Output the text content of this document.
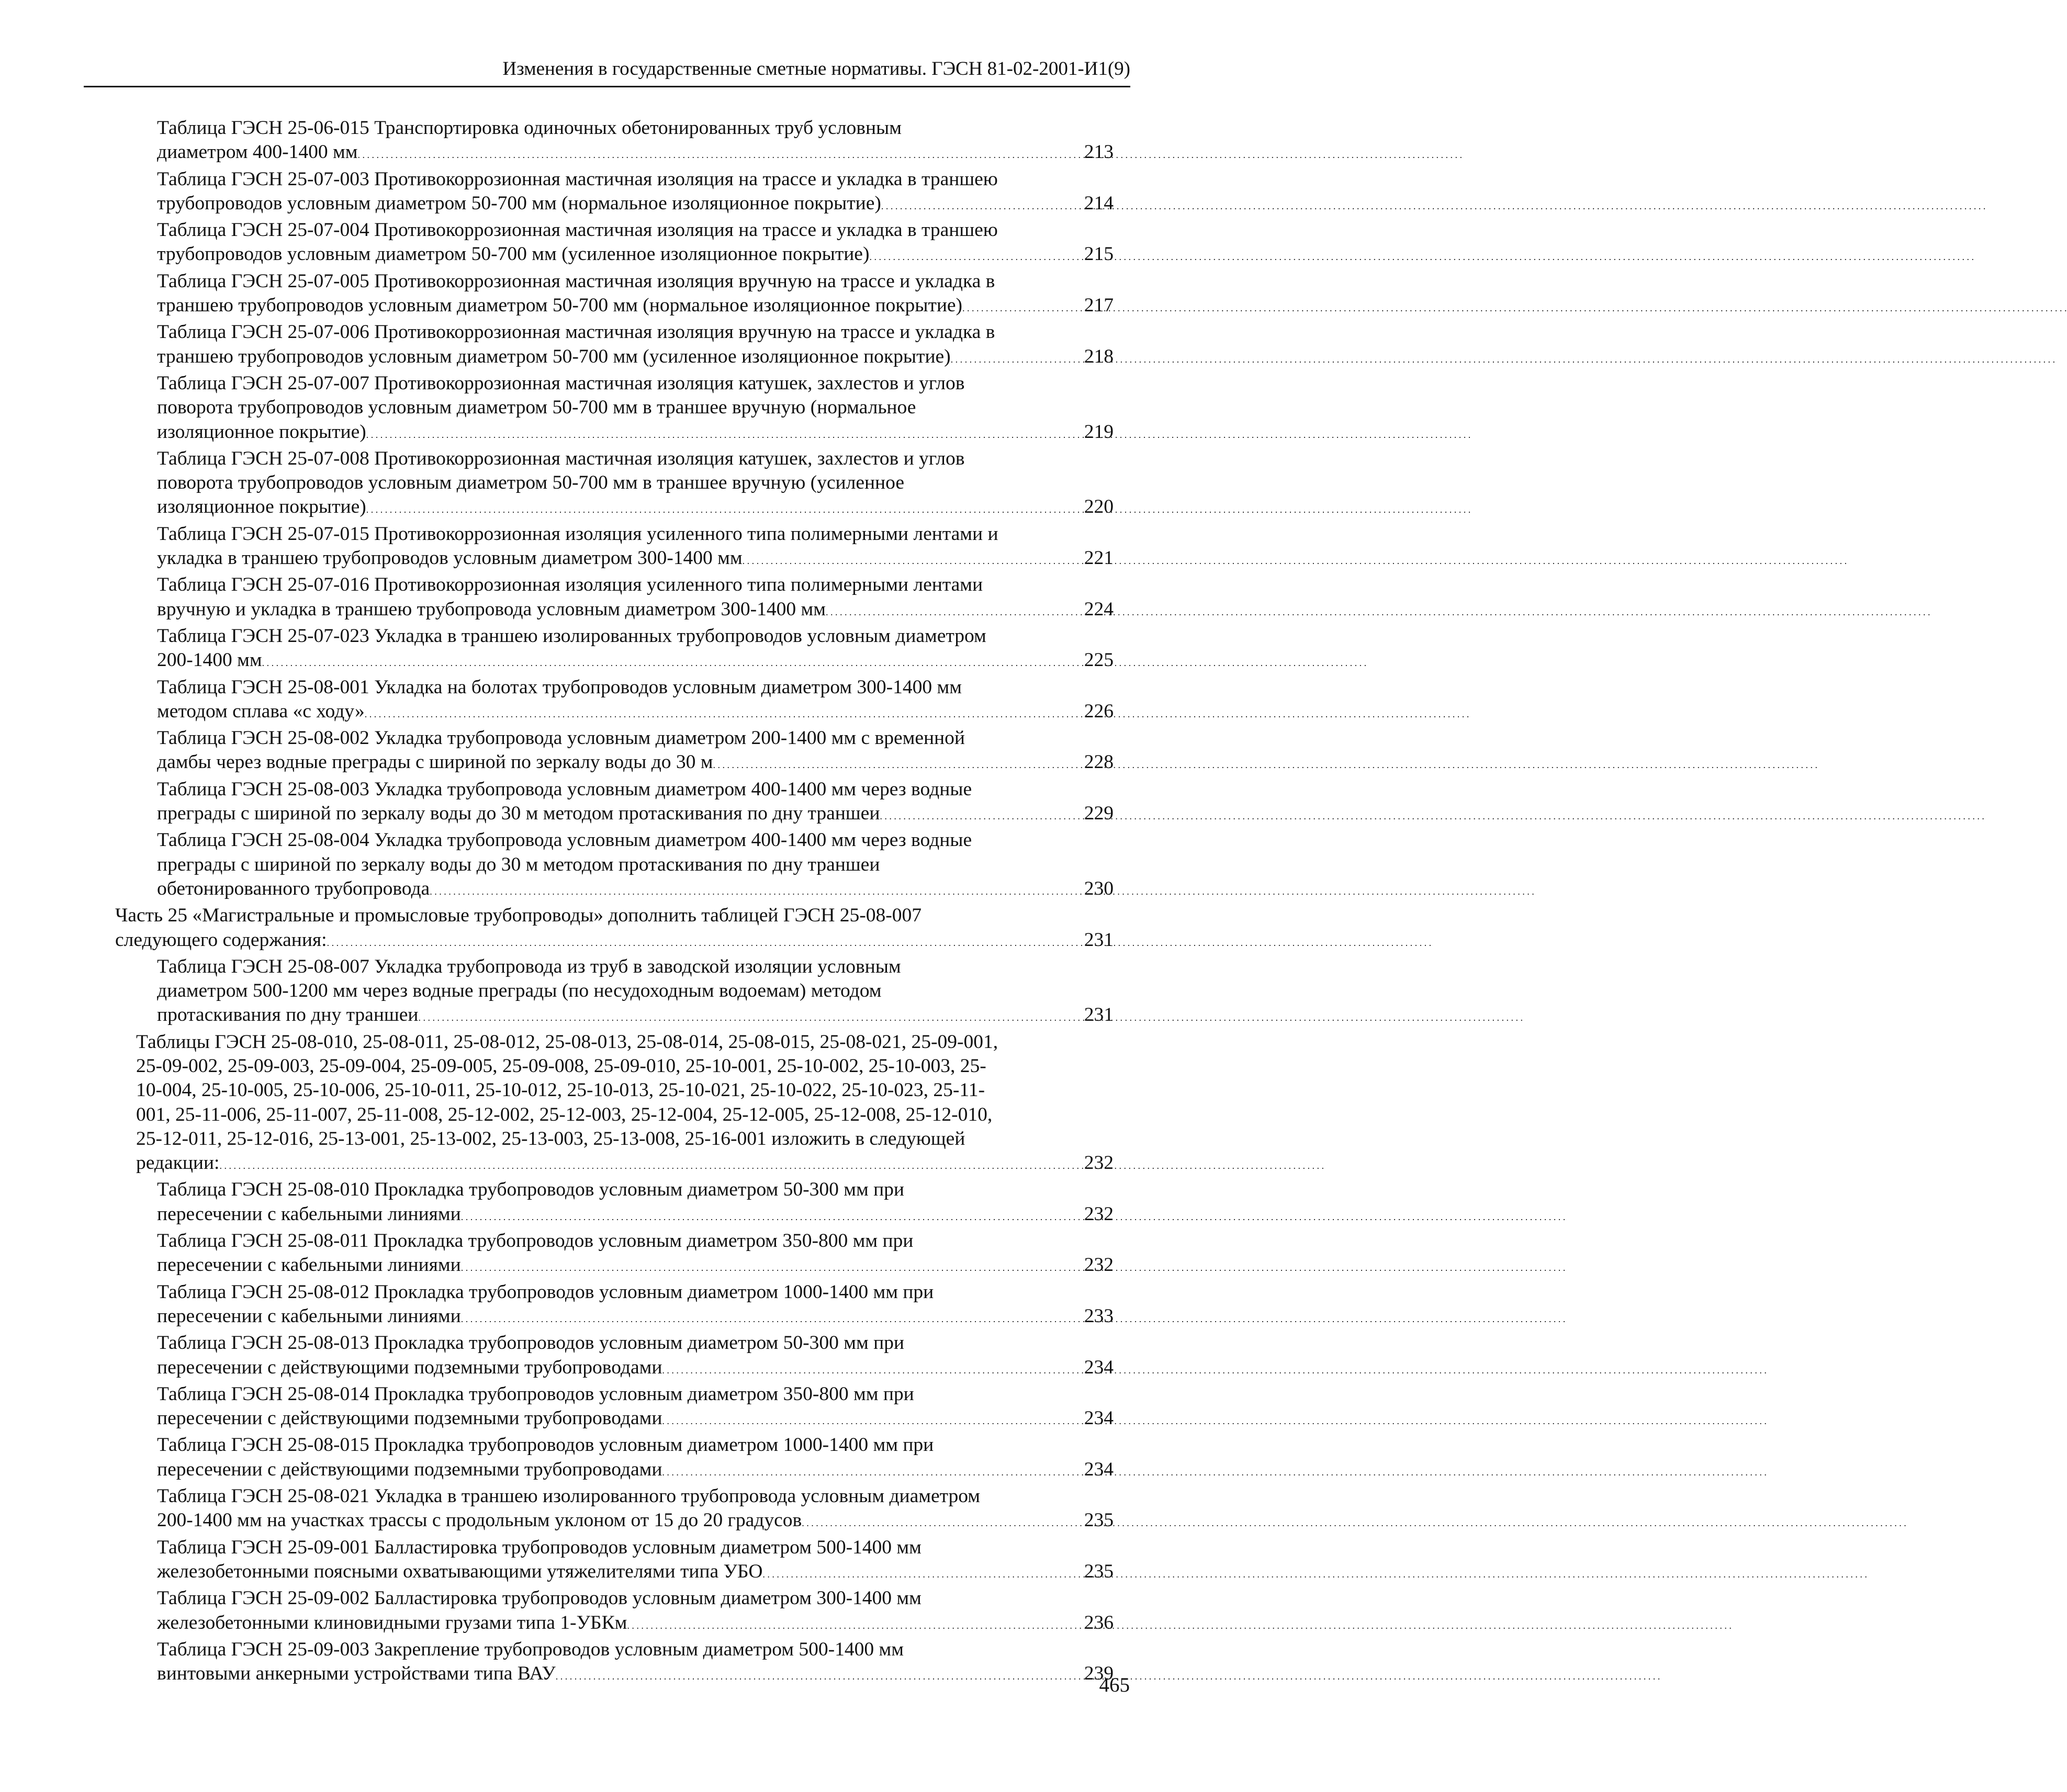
Изменения в государственные сметные нормативы. ГЭСН 81-02-2001-И1(9)
Таблица ГЭСН 25-06-015 Транспортировка одиночных обетонированных труб условным
диаметром 400-1400 мм . . .	213
Таблица ГЭСН 25-07-003 Противокоррозионная мастичная изоляция на трассе и укладка в траншею
трубопроводов условным диаметром 50-700 мм (нормальное изоляционное покрытие) . . .	214
Таблица ГЭСН 25-07-004 Противокоррозионная мастичная изоляция на трассе и укладка в траншею
трубопроводов условным диаметром 50-700 мм (усиленное изоляционное покрытие) . . .	215
Таблица ГЭСН 25-07-005 Противокоррозионная мастичная изоляция вручную на трассе и укладка в
траншею трубопроводов условным диаметром 50-700 мм (нормальное изоляционное покрытие) . . .	217
Таблица ГЭСН 25-07-006 Противокоррозионная мастичная изоляция вручную на трассе и укладка в
траншею трубопроводов условным диаметром 50-700 мм (усиленное изоляционное покрытие) . . .	218
Таблица ГЭСН 25-07-007 Противокоррозионная мастичная изоляция катушек, захлестов и углов
поворота трубопроводов условным диаметром 50-700 мм в траншее вручную (нормальное
изоляционное покрытие) . . .	219
Таблица ГЭСН 25-07-008 Противокоррозионная мастичная изоляция катушек, захлестов и углов
поворота трубопроводов условным диаметром 50-700 мм в траншее вручную (усиленное
изоляционное покрытие) . . .	220
Таблица ГЭСН 25-07-015 Противокоррозионная изоляция усиленного типа полимерными лентами и
укладка в траншею трубопроводов условным диаметром 300-1400 мм . . .	221
Таблица ГЭСН 25-07-016 Противокоррозионная изоляция усиленного типа полимерными лентами
вручную и укладка в траншею трубопровода условным диаметром 300-1400 мм . . .	224
Таблица ГЭСН 25-07-023 Укладка в траншею изолированных трубопроводов условным диаметром
200-1400 мм . . .	225
Таблица ГЭСН 25-08-001 Укладка на болотах трубопроводов условным диаметром 300-1400 мм
методом сплава «с ходу» . . .	226
Таблица ГЭСН 25-08-002 Укладка трубопровода условным диаметром 200-1400 мм с временной
дамбы через водные преграды с шириной по зеркалу воды до 30 м . . .	228
Таблица ГЭСН 25-08-003 Укладка трубопровода условным диаметром 400-1400 мм через водные
преграды с шириной по зеркалу воды до 30 м методом протаскивания по дну траншеи . . .	229
Таблица ГЭСН 25-08-004 Укладка трубопровода условным диаметром 400-1400 мм через водные
преграды с шириной по зеркалу воды до 30 м методом протаскивания по дну траншеи
обетонированного трубопровода . . .	230
Часть 25 «Магистральные и промысловые трубопроводы» дополнить таблицей ГЭСН 25-08-007
следующего содержания: . . .	231
Таблица ГЭСН 25-08-007 Укладка трубопровода из труб в заводской изоляции условным
диаметром 500-1200 мм через водные преграды (по несудоходным водоемам) методом
протаскивания по дну траншеи . . .	231
Таблицы ГЭСН 25-08-010, 25-08-011, 25-08-012, 25-08-013, 25-08-014, 25-08-015, 25-08-021, 25-09-001,
25-09-002, 25-09-003, 25-09-004, 25-09-005, 25-09-008, 25-09-010, 25-10-001, 25-10-002, 25-10-003, 25-
10-004, 25-10-005, 25-10-006, 25-10-011, 25-10-012, 25-10-013, 25-10-021, 25-10-022, 25-10-023, 25-11-
001, 25-11-006, 25-11-007, 25-11-008, 25-12-002, 25-12-003, 25-12-004, 25-12-005, 25-12-008, 25-12-010,
25-12-011, 25-12-016, 25-13-001, 25-13-002, 25-13-003, 25-13-008, 25-16-001 изложить в следующей
редакции: . . .	232
Таблица ГЭСН 25-08-010 Прокладка трубопроводов условным диаметром 50-300 мм при
пересечении с кабельными линиями . . .	232
Таблица ГЭСН 25-08-011 Прокладка трубопроводов условным диаметром 350-800 мм при
пересечении с кабельными линиями . . .	232
Таблица ГЭСН 25-08-012 Прокладка трубопроводов условным диаметром 1000-1400 мм при
пересечении с кабельными линиями . . .	233
Таблица ГЭСН 25-08-013 Прокладка трубопроводов условным диаметром 50-300 мм при
пересечении с действующими подземными трубопроводами . . .	234
Таблица ГЭСН 25-08-014 Прокладка трубопроводов условным диаметром 350-800 мм при
пересечении с действующими подземными трубопроводами . . .	234
Таблица ГЭСН 25-08-015 Прокладка трубопроводов условным диаметром 1000-1400 мм при
пересечении с действующими подземными трубопроводами . . .	234
Таблица ГЭСН 25-08-021 Укладка в траншею изолированного трубопровода условным диаметром
200-1400 мм на участках трассы с продольным уклоном от 15 до 20 градусов . . .	235
Таблица ГЭСН 25-09-001 Балластировка трубопроводов условным диаметром 500-1400 мм
железобетонными поясными охватывающими утяжелителями типа УБО . . .	235
Таблица ГЭСН 25-09-002 Балластировка трубопроводов условным диаметром 300-1400 мм
железобетонными клиновидными грузами типа 1-УБКм . . .	236
Таблица ГЭСН 25-09-003 Закрепление трубопроводов условным диаметром 500-1400 мм
винтовыми анкерными устройствами типа ВАУ . . .	239
465
